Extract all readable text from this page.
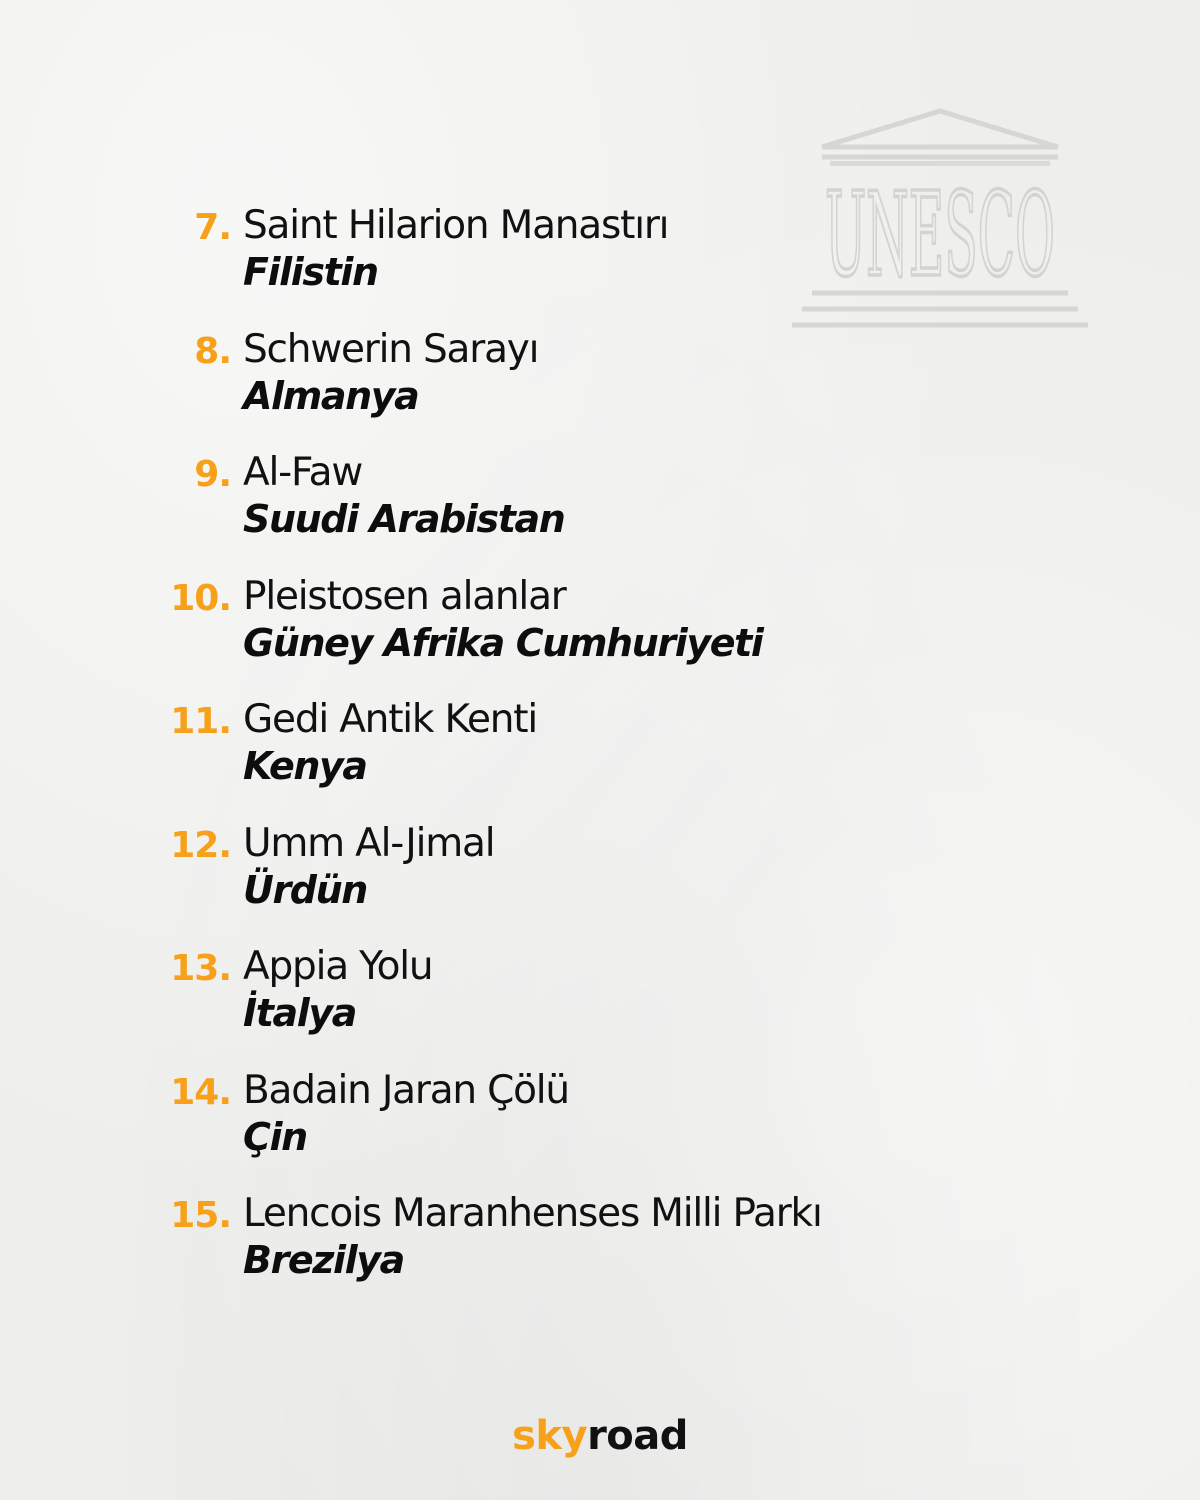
UNESCO
7. Saint Hilarion Manastırı
Filistin
8. Schwerin Sarayı
Almanya
9. Al-Faw
Suudi Arabistan
10. Pleistosen alanlar
Güney Afrika Cumhuriyeti
11. Gedi Antik Kenti
Kenya
12. Umm Al-Jimal
Ürdün
13. Appia Yolu
İtalya
14. Badain Jaran Çölü
Çin
15. Lencois Maranhenses Milli Parkı
Brezilya
skyroad
